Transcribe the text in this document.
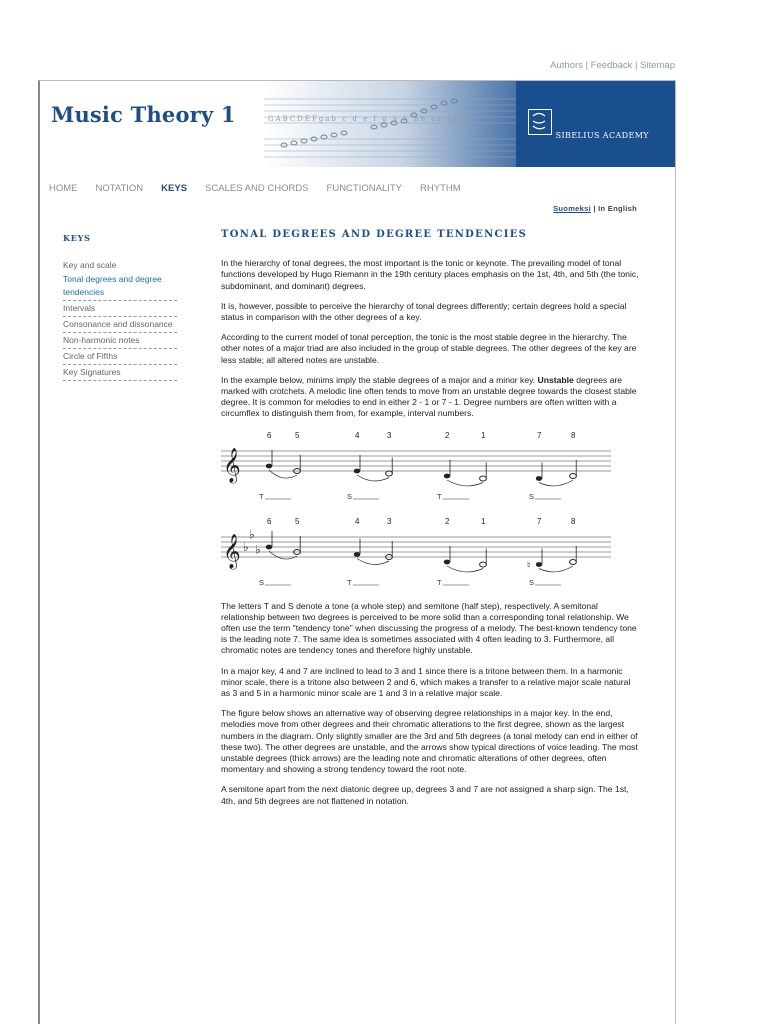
Authors | Feedback | Sitemap
Music Theory 1	GABCDEFgab c d e f g a h hh cc dd ee
SIBELIUS ACADEMY
HOME NOTATION KEYS SCALES AND CHORDS FUNCTIONALITY RHYTHM
Suomeksi | In English
KEYS
Key and scale
Tonal degrees and degree tendencies
Intervals
Consonance and dissonance
Non-harmonic notes
Circle of Fifths
Key Signatures
TONAL DEGREES AND DEGREE TENDENCIES

In the hierarchy of tonal degrees, the most important is the tonic or keynote. The prevailing model of tonal functions developed by Hugo Riemann in the 19th century places emphasis on the 1st, 4th, and 5th (the tonic, subdominant, and dominant) degrees.

It is, however, possible to perceive the hierarchy of tonal degrees differently; certain degrees hold a special status in comparison with the other degrees of a key.

According to the current model of tonal perception, the tonic is the most stable degree in the hierarchy. The other notes of a major triad are also included in the group of stable degrees. The other degrees of the key are less stable; all altered notes are unstable.

In the example below, minims imply the stable degrees of a major and a minor key. Unstable degrees are marked with crotchets. A melodic line often tends to move from an unstable degree towards the closest stable degree. It is common for melodies to end in either 2 - 1 or 7 - 1. Degree numbers are often written with a circumflex to distinguish them from, for example, interval numbers.

𝄞
6	5
T
4	3
S
2	1
T
7	8
S
𝄞 ♭
♭
♭
6	5
S
4	3
T
2	1
T
7	8
S
♮

The letters T and S denote a tone (a whole step) and semitone (half step), respectively. A semitonal relationship between two degrees is perceived to be more solid than a corresponding tonal relationship. We often use the term "tendency tone" when discussing the progress of a melody. The best-known tendency tone is the leading note 7. The same idea is sometimes associated with 4 often leading to 3. Furthermore, all chromatic notes are tendency tones and therefore highly unstable.

In a major key, 4 and 7 are inclined to lead to 3 and 1 since there is a tritone between them. In a harmonic minor scale, there is a tritone also between 2 and 6, which makes a transfer to a relative major scale natural as 3 and 5 in a harmonic minor scale are 1 and 3 in a relative major scale.

The figure below shows an alternative way of observing degree relationships in a major key. In the end, melodies move from other degrees and their chromatic alterations to the first degree, shown as the largest numbers in the diagram. Only slightly smaller are the 3rd and 5th degrees (a tonal melody can end in either of these two). The other degrees are unstable, and the arrows show typical directions of voice leading. The most unstable degrees (thick arrows) are the leading note and chromatic alterations of other degrees, often momentary and showing a strong tendency toward the root note.

A semitone apart from the next diatonic degree up, degrees 3 and 7 are not assigned a sharp sign. The 1st, 4th, and 5th degrees are not flattened in notation.
